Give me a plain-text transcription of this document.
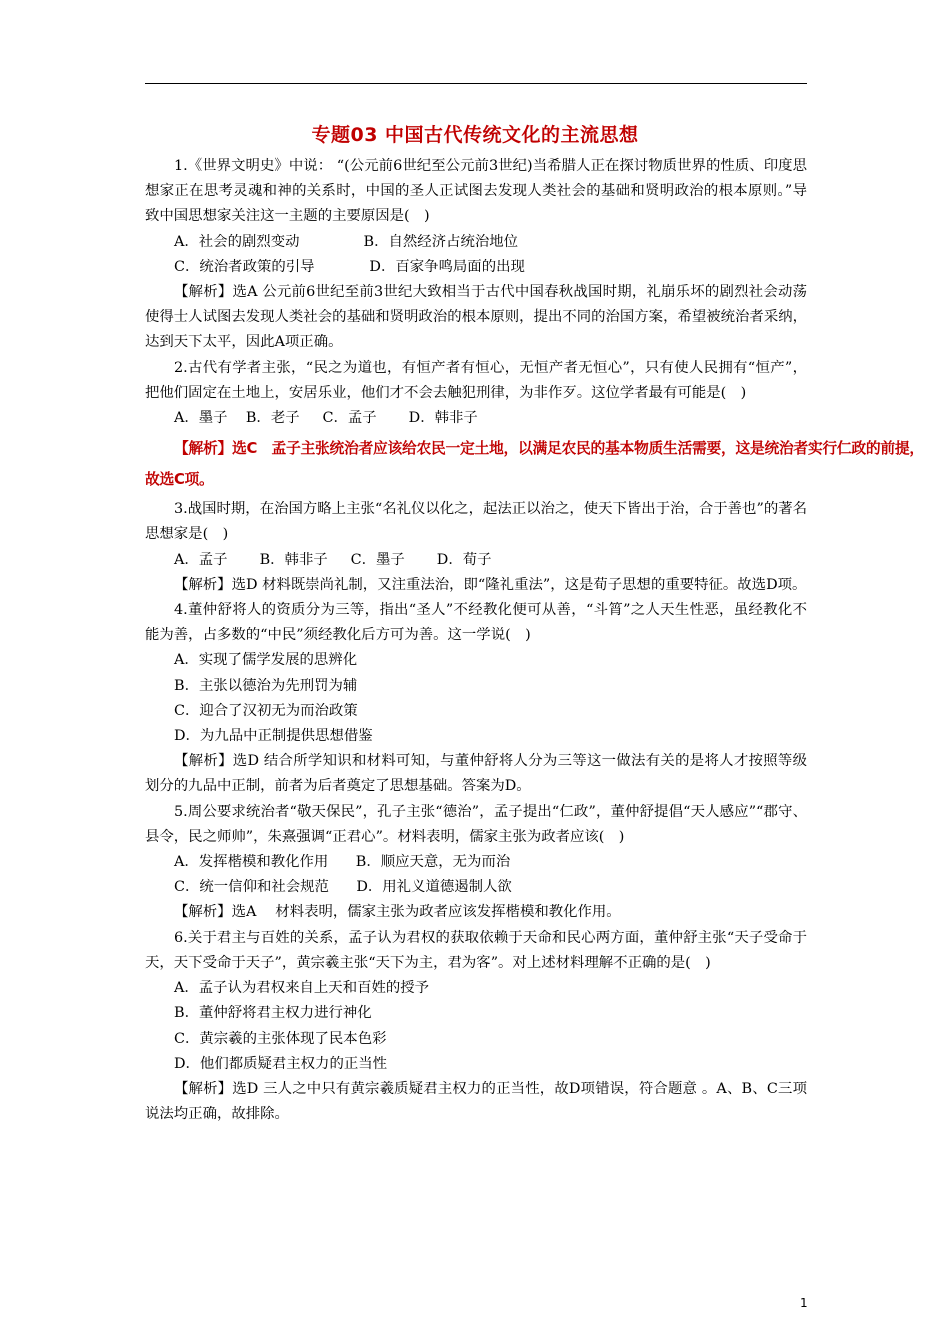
专题03 中国古代传统文化的主流思想

1.《世界文明史》中说： “(公元前6世纪至公元前3世纪)当希腊人正在探讨物质世界的性质、印度思想家正在思考灵魂和神的关系时，中国的圣人正试图去发现人类社会的基础和贤明政治的根本原则。”导致中国思想家关注这一主题的主要原因是(　)

A．社会的剧烈变动              B．自然经济占统治地位

C．统治者政策的引导            D．百家争鸣局面的出现

【解析】选A 公元前6世纪至前3世纪大致相当于古代中国春秋战国时期，礼崩乐坏的剧烈社会动荡使得士人试图去发现人类社会的基础和贤明政治的根本原则，提出不同的治国方案，希望被统治者采纳，达到天下太平，因此A项正确。

2.古代有学者主张，“民之为道也，有恒产者有恒心，无恒产者无恒心”，只有使人民拥有“恒产”，把他们固定在土地上，安居乐业，他们才不会去触犯刑律，为非作歹。这位学者最有可能是(　)

A．墨子    B．老子     C．孟子       D．韩非子

【解析】选C　孟子主张统治者应该给农民一定土地，以满足农民的基本物质生活需要，这是统治者实行仁政的前提，故选C项。

3.战国时期，在治国方略上主张“名礼仪以化之，起法正以治之，使天下皆出于治，合于善也”的著名思想家是(　)

A．孟子       B．韩非子     C．墨子       D．荀子

【解析】选D 材料既崇尚礼制，又注重法治，即“隆礼重法”，这是荀子思想的重要特征。故选D项。

4.董仲舒将人的资质分为三等，指出“圣人”不经教化便可从善，“斗筲”之人天生性恶，虽经教化不能为善，占多数的“中民”须经教化后方可为善。这一学说(　)

A．实现了儒学发展的思辨化

B．主张以德治为先刑罚为辅

C．迎合了汉初无为而治政策

D．为九品中正制提供思想借鉴

【解析】选D 结合所学知识和材料可知，与董仲舒将人分为三等这一做法有关的是将人才按照等级划分的九品中正制，前者为后者奠定了思想基础。答案为D。

5.周公要求统治者“敬天保民”，孔子主张“德治”，孟子提出“仁政”，董仲舒提倡“天人感应”“郡守、县令，民之师帅”，朱熹强调“正君心”。材料表明，儒家主张为政者应该(　)

A．发挥楷模和教化作用      B．顺应天意，无为而治

C．统一信仰和社会规范      D．用礼义道德遏制人欲

【解析】选A　 材料表明，儒家主张为政者应该发挥楷模和教化作用。

6.关于君主与百姓的关系，孟子认为君权的获取依赖于天命和民心两方面，董仲舒主张“天子受命于天，天下受命于天子”，黄宗羲主张“天下为主，君为客”。对上述材料理解不正确的是(　)

A．孟子认为君权来自上天和百姓的授予

B．董仲舒将君主权力进行神化

C．黄宗羲的主张体现了民本色彩

D．他们都质疑君主权力的正当性

【解析】选D 三人之中只有黄宗羲质疑君主权力的正当性，故D项错误，符合题意 。A、B、C三项说法均正确，故排除。

1
